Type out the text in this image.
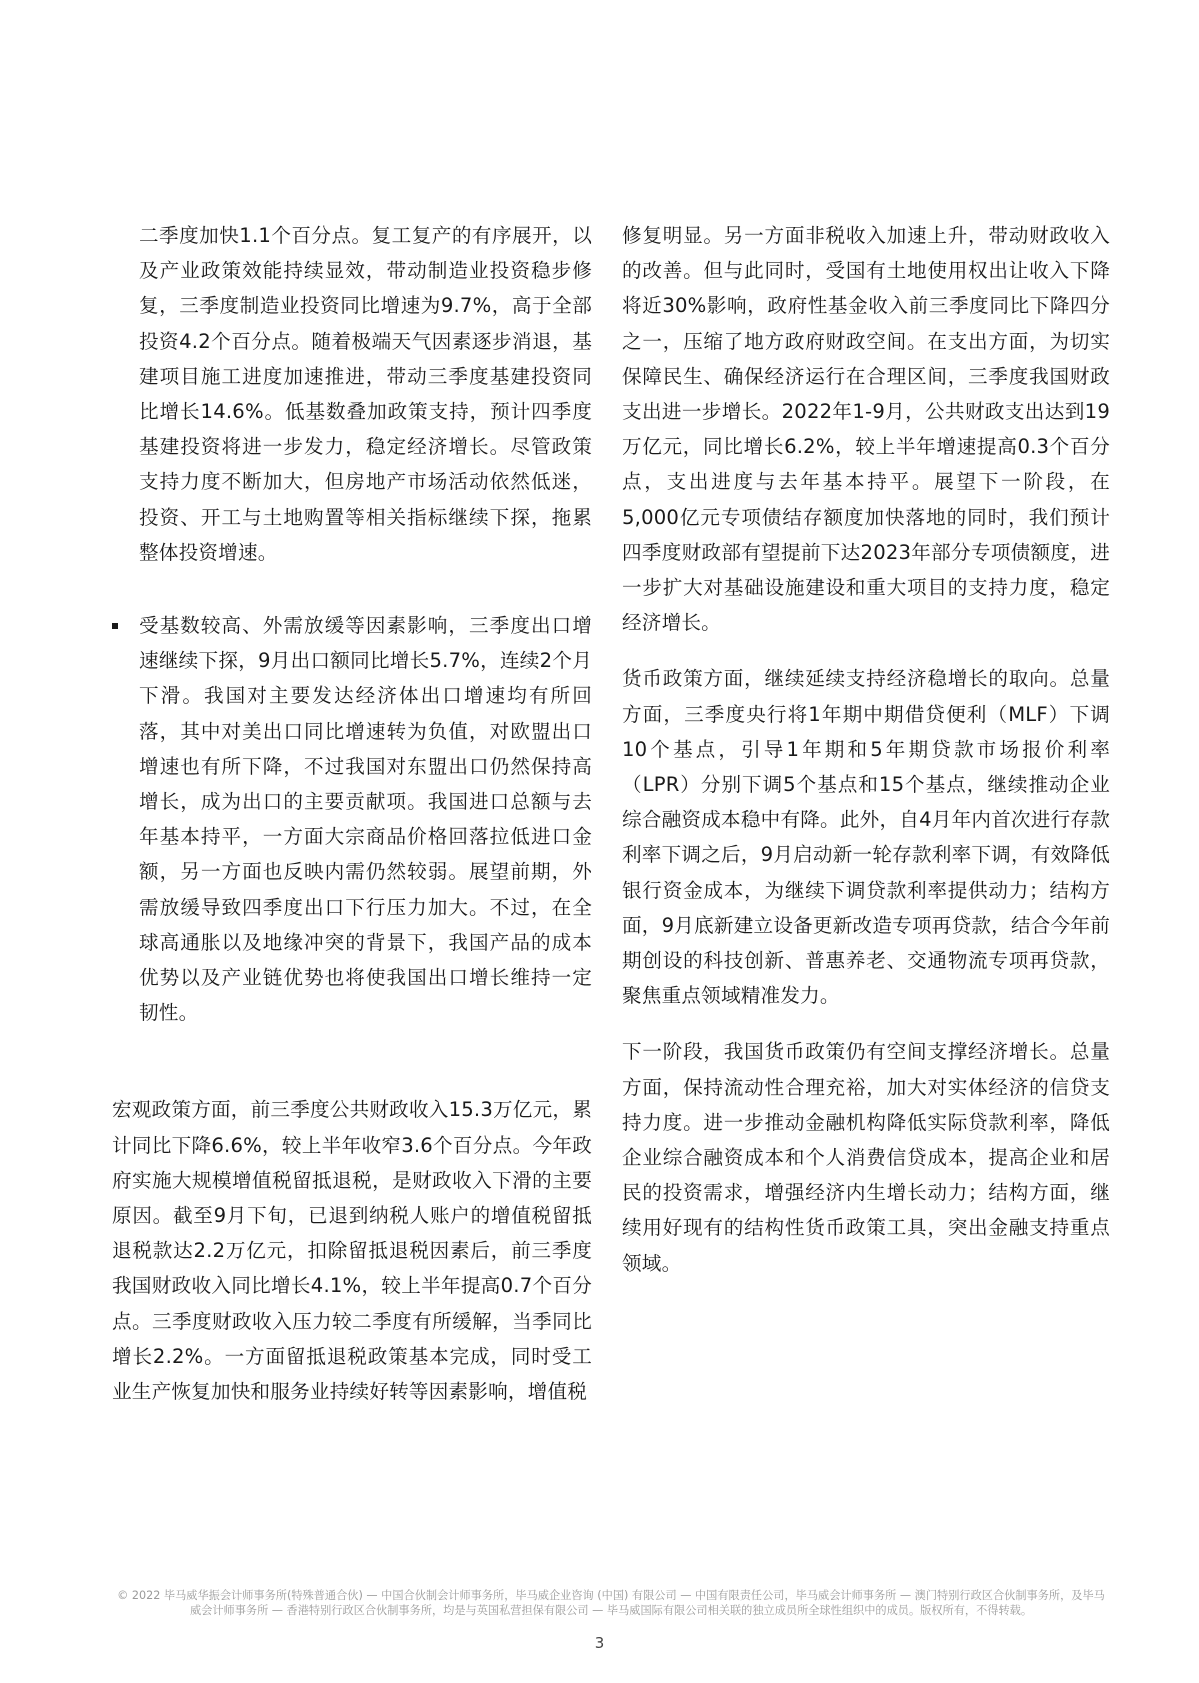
二季度加快1.1个百分点。复工复产的有序展开，以及产业政策效能持续显效，带动制造业投资稳步修复，三季度制造业投资同比增速为9.7%，高于全部投资4.2个百分点。随着极端天气因素逐步消退，基建项目施工进度加速推进，带动三季度基建投资同比增长14.6%。低基数叠加政策支持，预计四季度基建投资将进一步发力，稳定经济增长。尽管政策支持力度不断加大，但房地产市场活动依然低迷，投资、开工与土地购置等相关指标继续下探，拖累整体投资增速。

受基数较高、外需放缓等因素影响，三季度出口增速继续下探，9月出口额同比增长5.7%，连续2个月下滑。我国对主要发达经济体出口增速均有所回落，其中对美出口同比增速转为负值，对欧盟出口增速也有所下降，不过我国对东盟出口仍然保持高增长，成为出口的主要贡献项。我国进口总额与去年基本持平，一方面大宗商品价格回落拉低进口金额，另一方面也反映内需仍然较弱。展望前期，外需放缓导致四季度出口下行压力加大。不过，在全球高通胀以及地缘冲突的背景下，我国产品的成本优势以及产业链优势也将使我国出口增长维持一定韧性。

宏观政策方面，前三季度公共财政收入15.3万亿元，累计同比下降6.6%，较上半年收窄3.6个百分点。今年政府实施大规模增值税留抵退税，是财政收入下滑的主要原因。截至9月下旬，已退到纳税人账户的增值税留抵退税款达2.2万亿元，扣除留抵退税因素后，前三季度我国财政收入同比增长4.1%，较上半年提高0.7个百分点。三季度财政收入压力较二季度有所缓解，当季同比增长2.2%。一方面留抵退税政策基本完成，同时受工业生产恢复加快和服务业持续好转等因素影响，增值税

修复明显。另一方面非税收入加速上升，带动财政收入的改善。但与此同时，受国有土地使用权出让收入下降将近30%影响，政府性基金收入前三季度同比下降四分之一，压缩了地方政府财政空间。在支出方面，为切实保障民生、确保经济运行在合理区间，三季度我国财政支出进一步增长。2022年1-9月，公共财政支出达到19万亿元，同比增长6.2%，较上半年增速提高0.3个百分点，支出进度与去年基本持平。展望下一阶段，在5,000亿元专项债结存额度加快落地的同时，我们预计四季度财政部有望提前下达2023年部分专项债额度，进一步扩大对基础设施建设和重大项目的支持力度，稳定经济增长。

货币政策方面，继续延续支持经济稳增长的取向。总量方面，三季度央行将1年期中期借贷便利（MLF）下调10个基点，引导1年期和5年期贷款市场报价利率（LPR）分别下调5个基点和15个基点，继续推动企业综合融资成本稳中有降。此外，自4月年内首次进行存款利率下调之后，9月启动新一轮存款利率下调，有效降低银行资金成本，为继续下调贷款利率提供动力；结构方面，9月底新建立设备更新改造专项再贷款，结合今年前期创设的科技创新、普惠养老、交通物流专项再贷款，聚焦重点领域精准发力。

下一阶段，我国货币政策仍有空间支撑经济增长。总量方面，保持流动性合理充裕，加大对实体经济的信贷支持力度。进一步推动金融机构降低实际贷款利率，降低企业综合融资成本和个人消费信贷成本，提高企业和居民的投资需求，增强经济内生增长动力；结构方面，继续用好现有的结构性货币政策工具，突出金融支持重点领域。

© 2022 毕马威华振会计师事务所(特殊普通合伙) — 中国合伙制会计师事务所，毕马威企业咨询 (中国) 有限公司 — 中国有限责任公司，毕马威会计师事务所 — 澳门特别行政区合伙制事务所，及毕马威会计师事务所 — 香港特别行政区合伙制事务所，均是与英国私营担保有限公司 — 毕马威国际有限公司相关联的独立成员所全球性组织中的成员。版权所有，不得转载。
3
